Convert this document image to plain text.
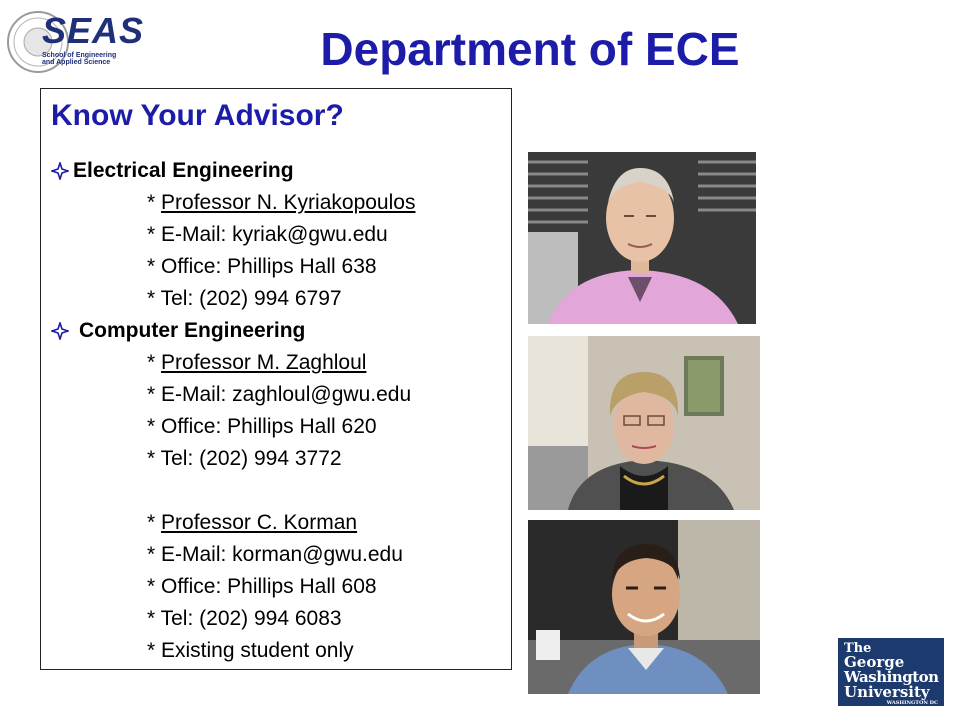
SEAS
School of Engineering and Applied Science	Department of ECE
Know Your Advisor?
Electrical Engineering
* Professor N. Kyriakopoulos
* E-Mail: kyriak@gwu.edu
* Office: Phillips Hall 638
* Tel: (202) 994 6797
Computer Engineering
* Professor M. Zaghloul
* E-Mail: zaghloul@gwu.edu
* Office: Phillips Hall 620
* Tel: (202) 994 3772
* Professor C. Korman
* E-Mail: korman@gwu.edu
* Office: Phillips Hall 608
* Tel: (202) 994 6083
* Existing student only	The
George
Washington
University
WASHINGTON DC
